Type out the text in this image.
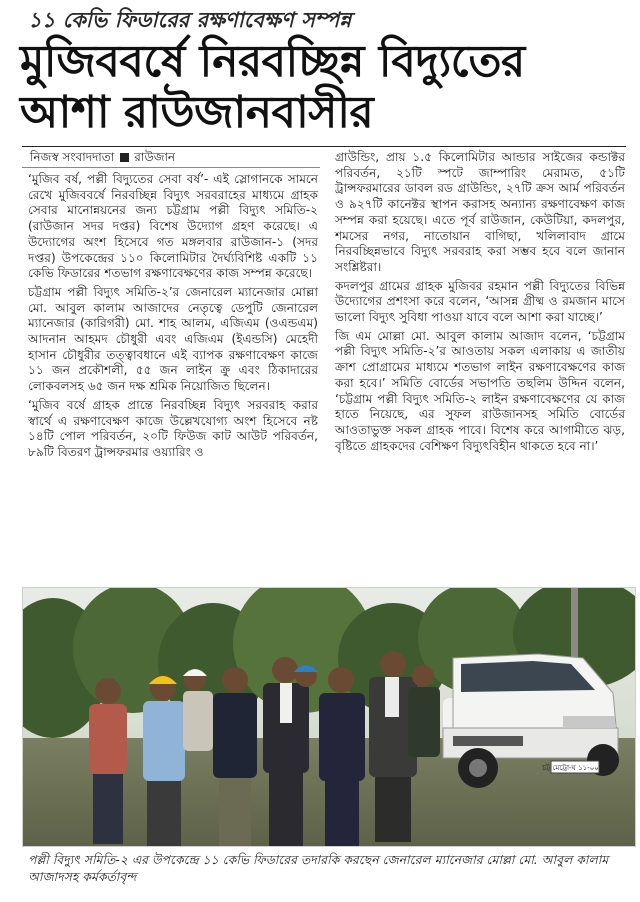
১১ কেভি ফিডারের রক্ষণাবেক্ষণ সম্পন্ন
মুজিববর্ষে নিরবচ্ছিন্ন বিদ্যুতের
আশা রাউজানবাসীর
নিজস্ব সংবাদদাতা রাউজান

‘মুজিব বর্ষ, পল্লী বিদ্যুতের সেবা বর্ষ’- এই স্লোগানকে সামনে রেখে মুজিববর্ষে নিরবচ্ছিন্ন বিদ্যুৎ সরবরাহের মাধ্যমে গ্রাহক সেবার মানোন্নয়নের জন্য চট্টগ্রাম পল্লী বিদ্যুৎ সমিতি-২ (রাউজান সদর দপ্তর) বিশেষ উদ্যোগ গ্রহণ করেছে। এ উদ্যোগের অংশ হিসেবে গত মঙ্গলবার রাউজান-১ (সদর দপ্তর) উপকেন্দ্রের ১১০ কিলোমিটার দৈর্ঘ্যবিশিষ্ট একটি ১১ কেভি ফিডারের শতভাগ রক্ষণাবেক্ষণের কাজ সম্পন্ন করেছে।

চট্টগ্রাম পল্লী বিদ্যুৎ সমিতি-২’র জেনারেল ম্যানেজার মোল্লা মো. আবুল কালাম আজাদের নেতৃত্বে ডেপুটি জেনারেল ম্যানেজার (কারিগরী) মো. শাহ আলম, এজিএম (ওএন্ডএম) আদনান আহমদ চৌধুরী এবং এজিএম (ইএন্ডসি) মেহেদী হাসান চৌধুরীর তত্ত্বাবধানে এই ব্যাপক রক্ষণাবেক্ষণ কাজে ১১ জন প্রকৌশলী, ৫৫ জন লাইন ক্রু এবং ঠিকাদারের লোকবলসহ ৬৫ জন দক্ষ শ্রমিক নিয়োজিত ছিলেন।

‘মুজিব বর্ষে গ্রাহক প্রান্তে নিরবচ্ছিন্ন বিদ্যুৎ সরবরাহ করার স্বার্থে এ রক্ষণাবেক্ষণ কাজে উল্লেখযোগ্য অংশ হিসেবে নষ্ট ১৪টি পোল পরিবর্তন, ২০টি ফিউজ কাট আউট পরিবর্তন, ৮৯টি বিতরণ ট্রান্সফরমার ওয়্যারিং ও

গ্রাউন্ডিং, প্রায় ১.৫ কিলোমিটার আন্ডার সাইজের কন্ডাক্টর পরিবর্তন, ২১টি স্পটে জাম্পারিং মেরামত, ৫১টি ট্রান্সফরমারের ডাবল রড গ্রাউন্ডিং, ২৭টি ক্রস আর্ম পরিবর্তন ও ৯২৭টি কানেক্টর স্থাপন করাসহ অন্যান্য রক্ষণাবেক্ষণ কাজ সম্পন্ন করা হয়েছে। এতে পূর্ব রাউজান, কেউটিয়া, কদলপুর, শমসের নগর, নাতোয়ান বাগিছা, খলিলাবাদ গ্রামে নিরবচ্ছিন্নভাবে বিদ্যুৎ সরবরাহ করা সম্ভব হবে বলে জানান সংশ্লিষ্টরা।

কদলপুর গ্রামের গ্রাহক মুজিবর রহমান পল্লী বিদ্যুতের বিভিন্ন উদ্যোগের প্রশংসা করে বলেন, ‘আসন্ন গ্রীষ্ম ও রমজান মাসে ভালো বিদ্যুৎ সুবিধা পাওয়া যাবে বলে আশা করা যাচ্ছে।’

জি এম মোল্লা মো. আবুল কালাম আজাদ বলেন, ‘চট্টগ্রাম পল্লী বিদ্যুৎ সমিতি-২’র আওতায় সকল এলাকায় এ জাতীয় ক্রাশ প্রোগ্রামের মাধ্যমে শতভাগ লাইন রক্ষণাবেক্ষণের কাজ করা হবে।’ সমিতি বোর্ডের সভাপতি তছলিম উদ্দিন বলেন, ‘চট্টগ্রাম পল্লী বিদ্যুৎ সমিতি-২ লাইন রক্ষণাবেক্ষণের যে কাজ হাতে নিয়েছে, এর সুফল রাউজানসহ সমিতি বোর্ডের আওতাভুক্ত সকল গ্রাহক পাবে। বিশেষ করে আগামীতে ঝড়, বৃষ্টিতে গ্রাহকদের বেশিক্ষণ বিদ্যুৎবিহীন থাকতে হবে না।’

চট্ট মেট্রো-ঘ ১১-০০৮৪
পল্লী বিদ্যুৎ সমিতি-২ এর উপকেন্দ্রে ১১ কেভি ফিডারের তদারকি করছেন জেনারেল ম্যানেজার মোল্লা মো. আবুল কালাম আজাদসহ কর্মকর্তাবৃন্দ
